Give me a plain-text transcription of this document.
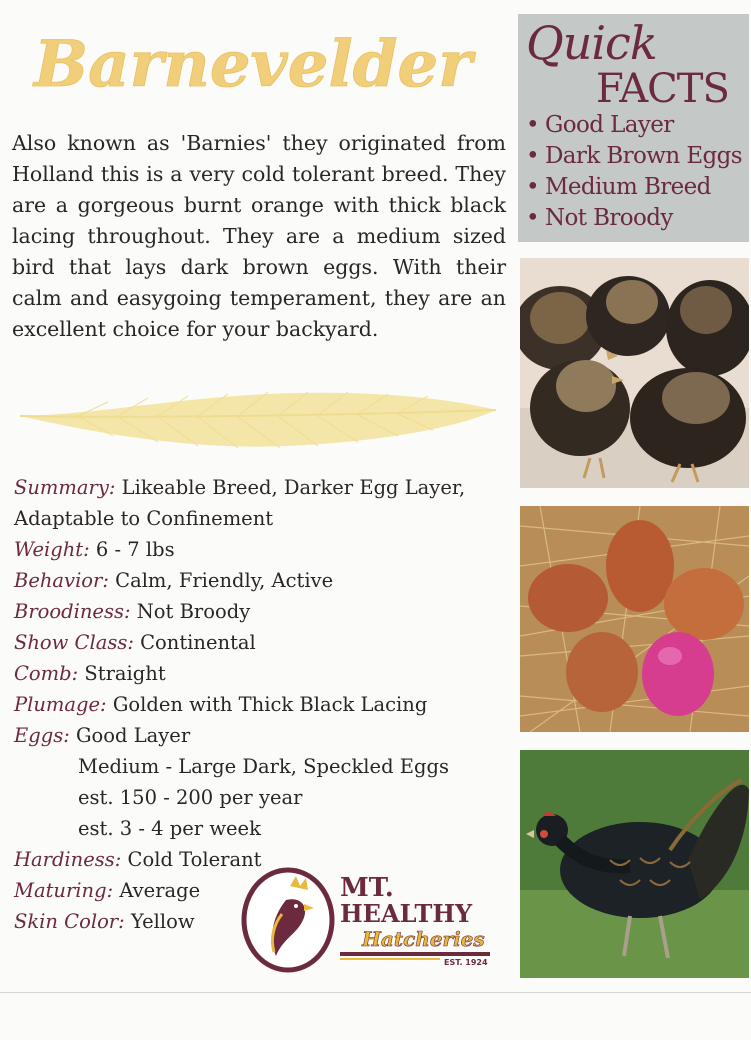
Barnevelder
Also known as 'Barnies' they originated from Holland this is a very cold tolerant breed. They are a gorgeous burnt orange with thick black lacing throughout. They are a medium sized bird that lays dark brown eggs. With their calm and easygoing temperament, they are an excellent choice for your backyard.
Quick
FACTS
• Good Layer
• Dark Brown Eggs
• Medium Breed
• Not Broody
Summary: Likeable Breed, Darker Egg Layer,
Adaptable to Confinement
Weight: 6 - 7 lbs
Behavior: Calm, Friendly, Active
Broodiness: Not Broody
Show Class: Continental
Comb: Straight
Plumage: Golden with Thick Black Lacing
Eggs: Good Layer
Medium - Large Dark, Speckled Eggs
est. 150 - 200 per year
est. 3 - 4 per week
Hardiness: Cold Tolerant
Maturing: Average
Skin Color: Yellow
MT.
HEALTHY
Hatcheries
EST. 1924
